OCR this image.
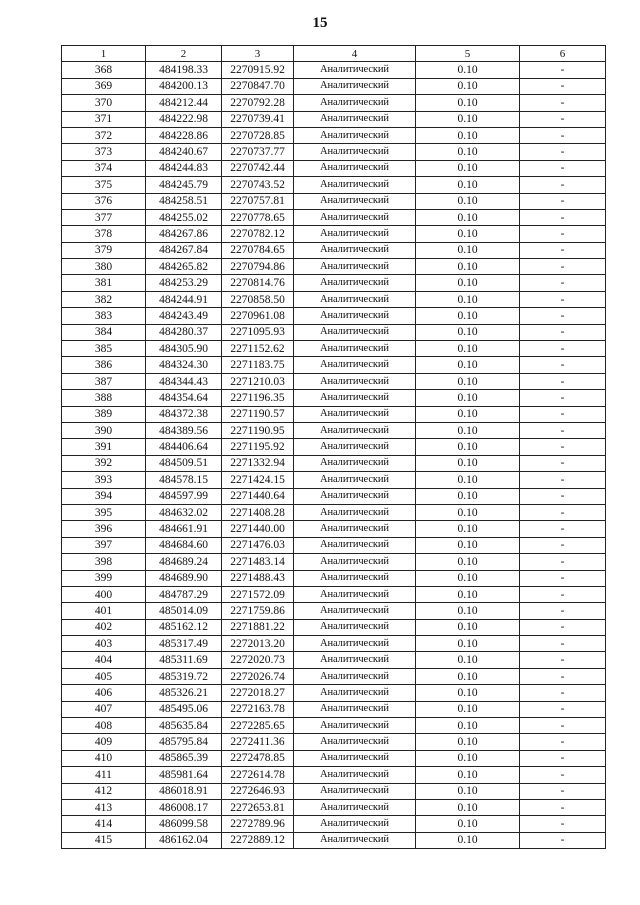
15
1	2	3	4	5	6
368	484198.33	2270915.92	Аналитический	0.10	-
369	484200.13	2270847.70	Аналитический	0.10	-
370	484212.44	2270792.28	Аналитический	0.10	-
371	484222.98	2270739.41	Аналитический	0.10	-
372	484228.86	2270728.85	Аналитический	0.10	-
373	484240.67	2270737.77	Аналитический	0.10	-
374	484244.83	2270742.44	Аналитический	0.10	-
375	484245.79	2270743.52	Аналитический	0.10	-
376	484258.51	2270757.81	Аналитический	0.10	-
377	484255.02	2270778.65	Аналитический	0.10	-
378	484267.86	2270782.12	Аналитический	0.10	-
379	484267.84	2270784.65	Аналитический	0.10	-
380	484265.82	2270794.86	Аналитический	0.10	-
381	484253.29	2270814.76	Аналитический	0.10	-
382	484244.91	2270858.50	Аналитический	0.10	-
383	484243.49	2270961.08	Аналитический	0.10	-
384	484280.37	2271095.93	Аналитический	0.10	-
385	484305.90	2271152.62	Аналитический	0.10	-
386	484324.30	2271183.75	Аналитический	0.10	-
387	484344.43	2271210.03	Аналитический	0.10	-
388	484354.64	2271196.35	Аналитический	0.10	-
389	484372.38	2271190.57	Аналитический	0.10	-
390	484389.56	2271190.95	Аналитический	0.10	-
391	484406.64	2271195.92	Аналитический	0.10	-
392	484509.51	2271332.94	Аналитический	0.10	-
393	484578.15	2271424.15	Аналитический	0.10	-
394	484597.99	2271440.64	Аналитический	0.10	-
395	484632.02	2271408.28	Аналитический	0.10	-
396	484661.91	2271440.00	Аналитический	0.10	-
397	484684.60	2271476.03	Аналитический	0.10	-
398	484689.24	2271483.14	Аналитический	0.10	-
399	484689.90	2271488.43	Аналитический	0.10	-
400	484787.29	2271572.09	Аналитический	0.10	-
401	485014.09	2271759.86	Аналитический	0.10	-
402	485162.12	2271881.22	Аналитический	0.10	-
403	485317.49	2272013.20	Аналитический	0.10	-
404	485311.69	2272020.73	Аналитический	0.10	-
405	485319.72	2272026.74	Аналитический	0.10	-
406	485326.21	2272018.27	Аналитический	0.10	-
407	485495.06	2272163.78	Аналитический	0.10	-
408	485635.84	2272285.65	Аналитический	0.10	-
409	485795.84	2272411.36	Аналитический	0.10	-
410	485865.39	2272478.85	Аналитический	0.10	-
411	485981.64	2272614.78	Аналитический	0.10	-
412	486018.91	2272646.93	Аналитический	0.10	-
413	486008.17	2272653.81	Аналитический	0.10	-
414	486099.58	2272789.96	Аналитический	0.10	-
415	486162.04	2272889.12	Аналитический	0.10	-
